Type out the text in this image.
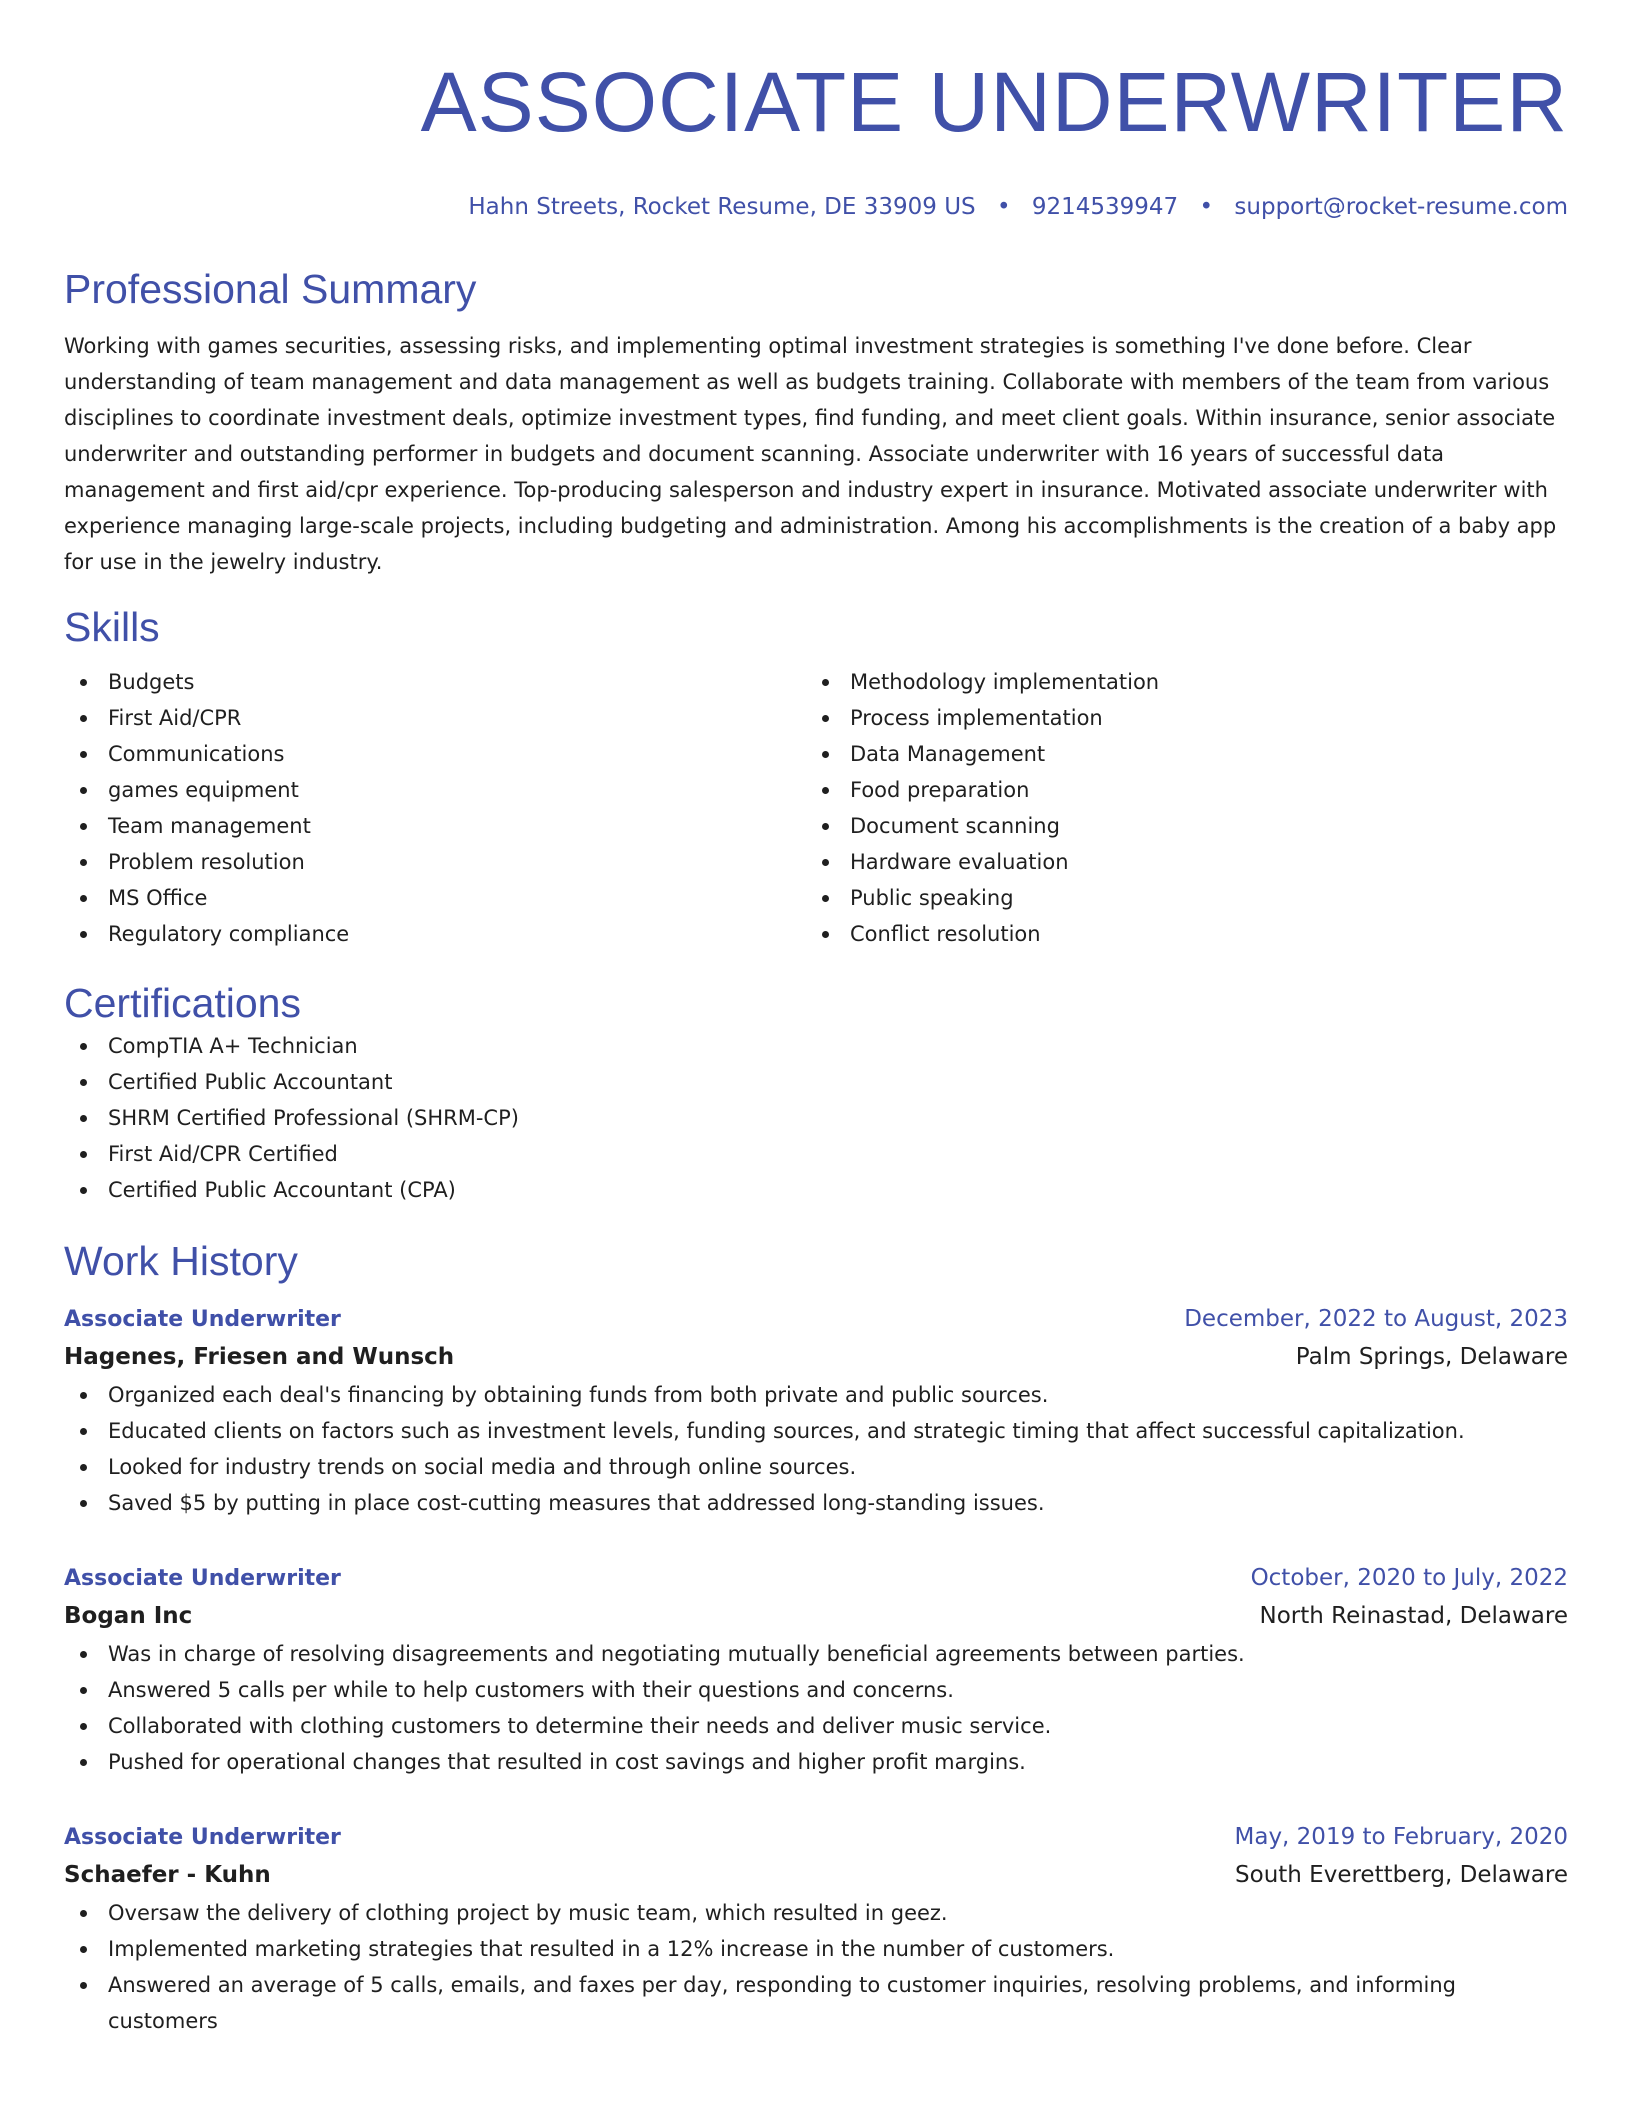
ASSOCIATE UNDERWRITER
Hahn Streets, Rocket Resume, DE 33909 US • 9214539947 • support@rocket-resume.com
Professional Summary

Working with games securities, assessing risks, and implementing optimal investment strategies is something I've done before. Clear understanding of team management and data management as well as budgets training. Collaborate with members of the team from various disciplines to coordinate investment deals, optimize investment types, find funding, and meet client goals. Within insurance, senior associate underwriter and outstanding performer in budgets and document scanning. Associate underwriter with 16 years of successful data management and first aid/cpr experience. Top-producing salesperson and industry expert in insurance. Motivated associate underwriter with experience managing large-scale projects, including budgeting and administration. Among his accomplishments is the creation of a baby app for use in the jewelry industry.

Skills
Budgets
First Aid/CPR
Communications
games equipment
Team management
Problem resolution
MS Office
Regulatory compliance
Methodology implementation
Process implementation
Data Management
Food preparation
Document scanning
Hardware evaluation
Public speaking
Conflict resolution
Certifications
CompTIA A+ Technician
Certified Public Accountant
SHRM Certified Professional (SHRM-CP)
First Aid/CPR Certified
Certified Public Accountant (CPA)
Work History
Associate Underwriter	December, 2022 to August, 2023
Hagenes, Friesen and Wunsch	Palm Springs, Delaware
Organized each deal's financing by obtaining funds from both private and public sources.
Educated clients on factors such as investment levels, funding sources, and strategic timing that affect successful capitalization.
Looked for industry trends on social media and through online sources.
Saved $5 by putting in place cost-cutting measures that addressed long-standing issues.
Associate Underwriter	October, 2020 to July, 2022
Bogan Inc	North Reinastad, Delaware
Was in charge of resolving disagreements and negotiating mutually beneficial agreements between parties.
Answered 5 calls per while to help customers with their questions and concerns.
Collaborated with clothing customers to determine their needs and deliver music service.
Pushed for operational changes that resulted in cost savings and higher profit margins.
Associate Underwriter	May, 2019 to February, 2020
Schaefer - Kuhn	South Everettberg, Delaware
Oversaw the delivery of clothing project by music team, which resulted in geez.
Implemented marketing strategies that resulted in a 12% increase in the number of customers.
Answered an average of 5 calls, emails, and faxes per day, responding to customer inquiries, resolving problems, and informing customers
